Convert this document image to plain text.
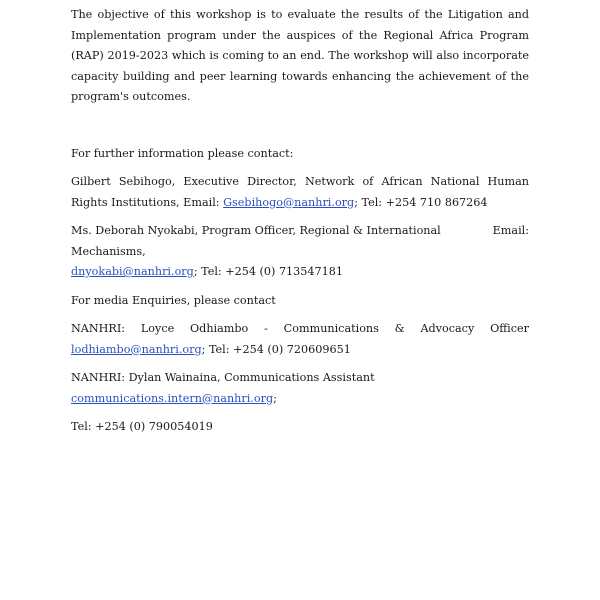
The objective of this workshop is to evaluate the results of the Litigation and Implementation program under the auspices of the Regional Africa Program (RAP) 2019-2023 which is coming to an end. The workshop will also incorporate capacity building and peer learning towards enhancing the achievement of the program's outcomes.

For further information please contact:

Gilbert Sebihogo, Executive Director, Network of African National Human Rights Institutions, Email: Gsebihogo@nanhri.org; Tel: +254 710 867264

Ms. Deborah Nyokabi, Program Officer, Regional & International Mechanisms,
Email:
dnyokabi@nanhri.org; Tel: +254 (0) 713547181

For media Enquiries, please contact

NANHRI: Loyce Odhiambo - Communications & Advocacy Officer lodhiambo@nanhri.org; Tel: +254 (0) 720609651

NANHRI: Dylan Wainaina, Communications Assistant communications.intern@nanhri.org;

Tel: +254 (0) 790054019
